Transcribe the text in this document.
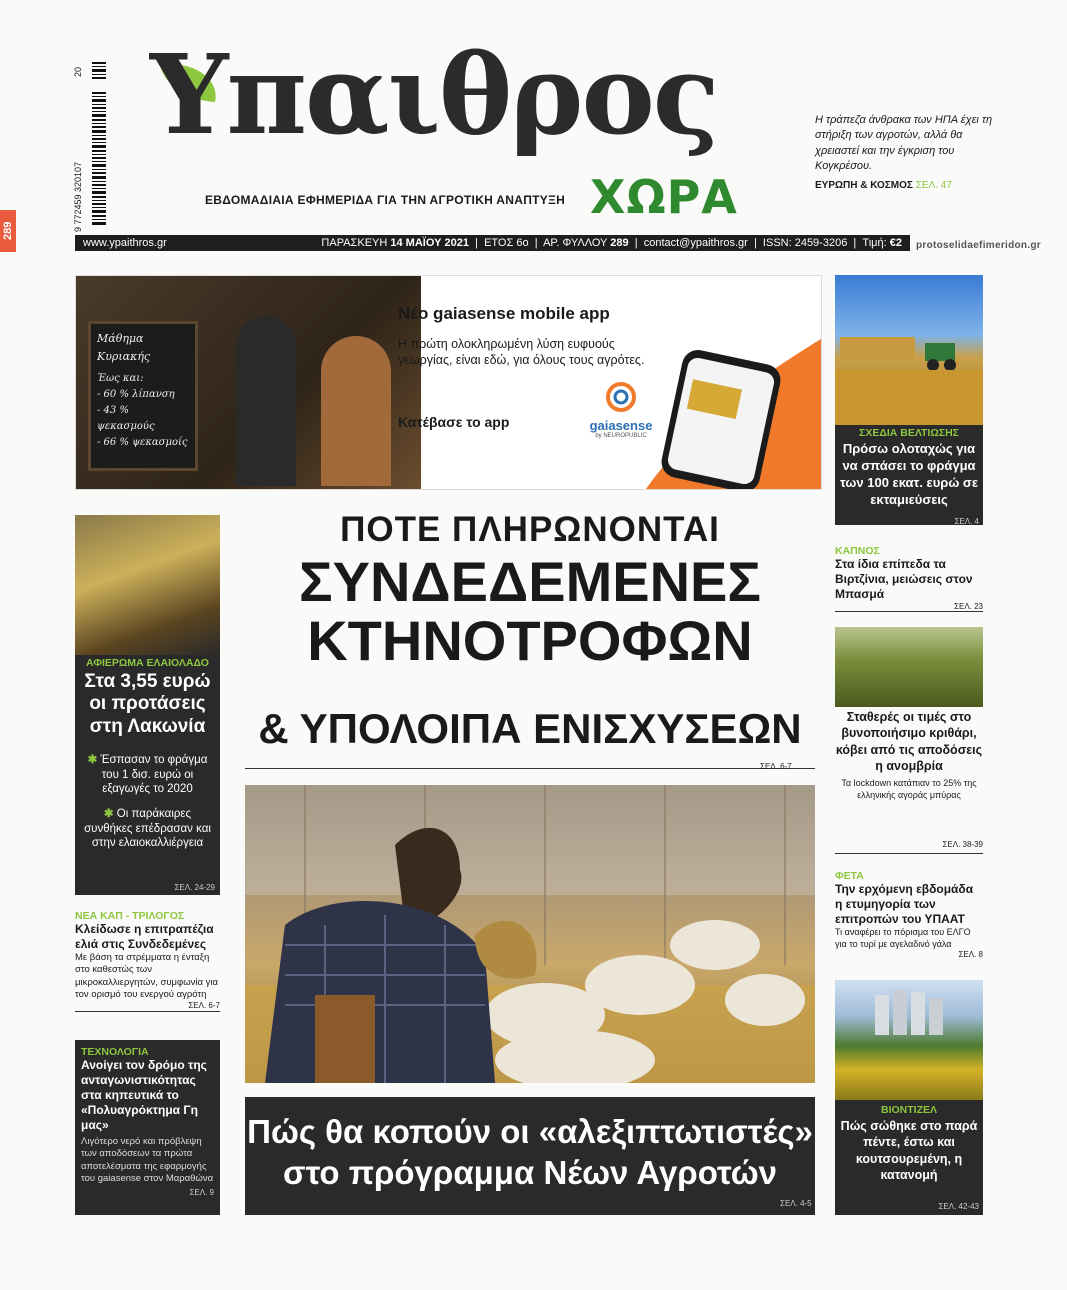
9 772459 320107
20
289
Υπαιθρος
ΧΩΡΑ
ΕΒΔΟΜΑΔΙΑΙΑ ΕΦΗΜΕΡΙΔΑ ΓΙΑ ΤΗΝ ΑΓΡΟΤΙΚΗ ΑΝΑΠΤΥΞΗ
Η τράπεζα άνθρακα των ΗΠΑ έχει τη στήριξη των αγροτών, αλλά θα χρειαστεί και την έγκριση του Κογκρέσου.
ΕΥΡΩΠΗ & ΚΟΣΜΟΣ ΣΕΛ. 47
www.ypaithros.gr	ΠΑΡΑΣΚΕΥΗ 14 ΜΑΪΟΥ 2021  |  ΕΤΟΣ 6ο  |  ΑΡ. ΦΥΛΛΟΥ 289  |  contact@ypaithros.gr  |  ISSN: 2459-3206  |  Τιμή: €2 protoselidaefimeridon.gr
Μάθημα Κυριακής
Έως και:
- 60 % λίπανση
- 43 % ψεκασμούς
- 66 % ψεκασμοίς
Νέο gaiasense mobile app
Η πρώτη ολοκληρωμένη λύση ευφυούς γεωργίας, είναι εδώ, για όλους τους αγρότες.
Κατέβασε το app	gaiasense
by NEUROPUBLIC
ΑΦΙΕΡΩΜΑ ΕΛΑΙΟΛΑΔΟ
Στα 3,55 ευρώ οι προτάσεις στη Λακωνία
✱ Έσπασαν το φράγμα του 1 δισ. ευρώ οι εξαγωγές το 2020
✱ Οι παράκαιρες συνθήκες επέδρασαν και στην ελαιοκαλλιέργεια
ΣΕΛ. 24-29
ΝΕΑ ΚΑΠ - ΤΡΙΛΟΓΟΣ
Κλείδωσε η επιτραπέζια ελιά στις Συνδεδεμένες
Με βάση τα στρέμματα η ένταξη στο καθεστώς των μικροκαλλιεργητών, συμφωνία για τον ορισμό του ενεργού αγρότη
ΣΕΛ. 6-7
ΤΕΧΝΟΛΟΓΙΑ
Ανοίγει τον δρόμο της ανταγωνιστικότητας στα κηπευτικά το «Πολυαγρόκτημα Γη μας»
Λιγότερο νερό και πρόβλεψη των αποδόσεων τα πρώτα αποτελέσματα της εφαρμογής του gaiasense στον Μαραθώνα
ΣΕΛ. 9
ΠΟΤΕ ΠΛΗΡΩΝΟΝΤΑΙ
ΣΥΝΔΕΔΕΜΕΝΕΣ
ΚΤΗΝΟΤΡΟΦΩΝ
& ΥΠΟΛΟΙΠΑ ΕΝΙΣΧΥΣΕΩΝ
ΣΕΛ. 6-7
Πώς θα κοπούν οι «αλεξιπτωτιστές» στο πρόγραμμα Νέων Αγροτών
ΣΕΛ. 4-5
ΣΧΕΔΙΑ ΒΕΛΤΙΩΣΗΣ
Πρόσω ολοταχώς για να σπάσει το φράγμα των 100 εκατ. ευρώ σε εκταμιεύσεις
ΣΕΛ. 4
ΚΑΠΝΟΣ
Στα ίδια επίπεδα τα Βιρτζίνια, μειώσεις στον Μπασμά
ΣΕΛ. 23
Σταθερές οι τιμές στο βυνοποιήσιμο κριθάρι, κόβει από τις αποδόσεις η ανομβρία
Τα lockdown κατάπιαν το 25% της ελληνικής αγοράς μπύρας
ΣΕΛ. 38-39
ΦΕΤΑ
Την ερχόμενη εβδομάδα η ετυμηγορία των επιτροπών του ΥΠΑΑΤ
Τι αναφέρει το πόρισμα του ΕΛΓΟ για το τυρί με αγελαδινό γάλα
ΣΕΛ. 8
ΒΙΟΝΤΙΖΕΛ
Πώς σώθηκε στο παρά πέντε, έστω και κουτσουρεμένη, η κατανομή
ΣΕΛ. 42-43
